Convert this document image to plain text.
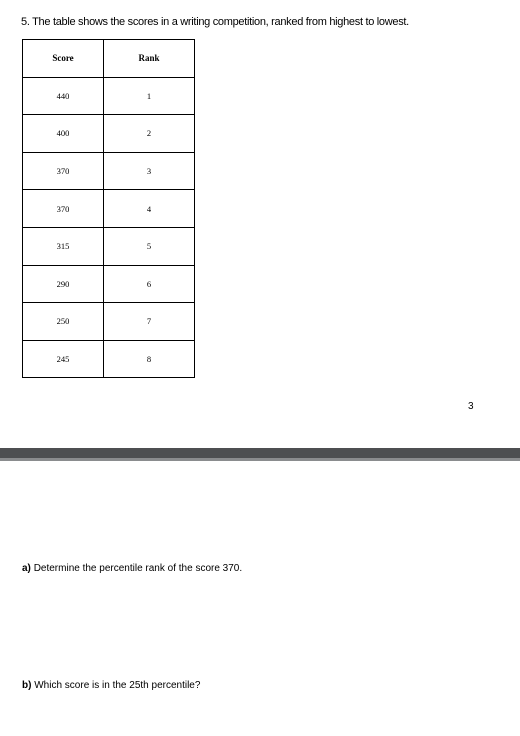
5. The table shows the scores in a writing competition, ranked from highest to lowest.
Score	Rank
440	1
400	2
370	3
370	4
315	5
290	6
250	7
245	8
3
a) Determine the percentile rank of the score 370.
b) Which score is in the 25th percentile?
